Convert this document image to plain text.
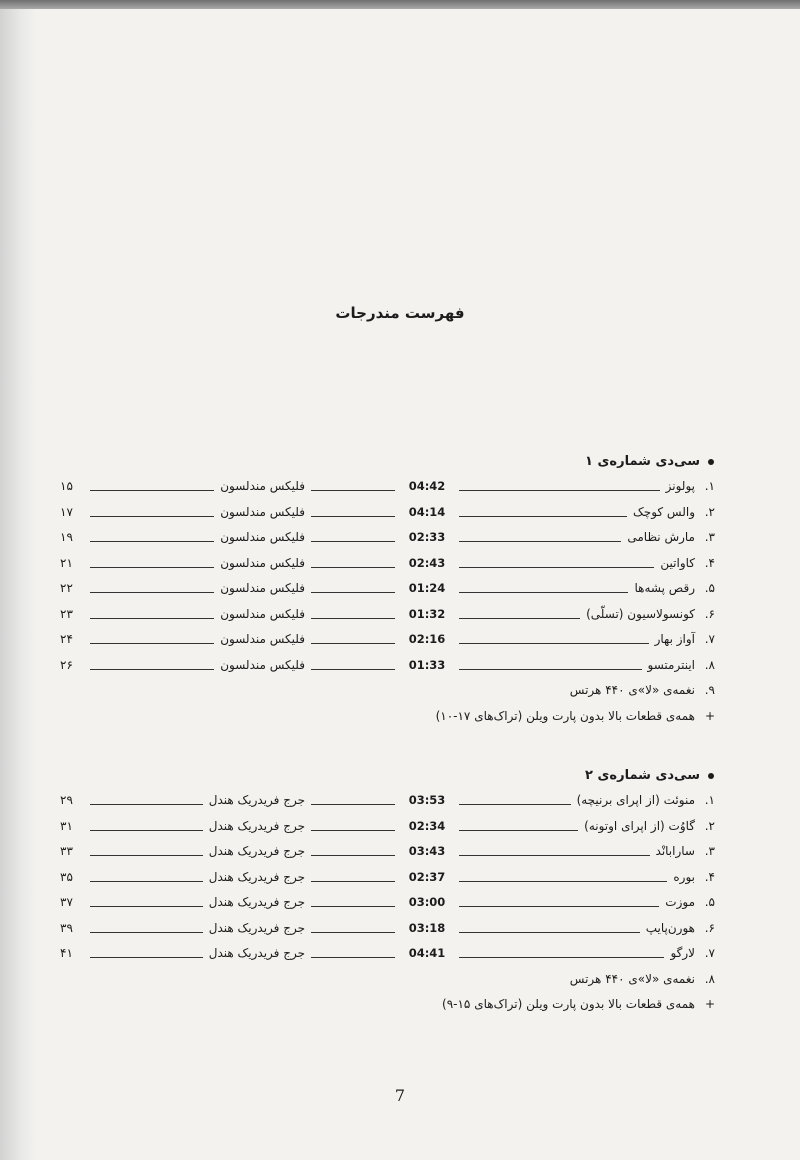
فهرست مندرجات
سی‌دی شماره‌ی ۱
۱.
پولونز
04:42
فلیکس مندلسون
۱۵
۲.
والس کوچک
04:14
فلیکس مندلسون
۱۷
۳.
مارش نظامی
02:33
فلیکس مندلسون
۱۹
۴.
کاواتین
02:43
فلیکس مندلسون
۲۱
۵.
رقص پشه‌ها
01:24
فلیکس مندلسون
۲۲
۶.
کونسولاسیون (تسلّی)
01:32
فلیکس مندلسون
۲۳
۷.
آواز بهار
02:16
فلیکس مندلسون
۲۴
۸.
اینترمتسو
01:33
فلیکس مندلسون
۲۶
۹.
نغمه‌ی «لا»ی ۴۴۰ هرتس
+
همه‌ی قطعات بالا بدون پارت ویلن (تراک‌های ۱۷-۱۰)
سی‌دی شماره‌ی ۲
۱.
منوئت (از اپرای برنیچه)
03:53
جرج فریدریک هندل
۲۹
۲.
گاوُت (از اپرای اوتونه)
02:34
جرج فریدریک هندل
۳۱
۳.
سارابانْد
03:43
جرج فریدریک هندل
۳۳
۴.
بوره
02:37
جرج فریدریک هندل
۳۵
۵.
موزت
03:00
جرج فریدریک هندل
۳۷
۶.
هورن‌پایپ
03:18
جرج فریدریک هندل
۳۹
۷.
لارگو
04:41
جرج فریدریک هندل
۴۱
۸.
نغمه‌ی «لا»ی ۴۴۰ هرتس
+
همه‌ی قطعات بالا بدون پارت ویلن (تراک‌های ۱۵-۹)
7
